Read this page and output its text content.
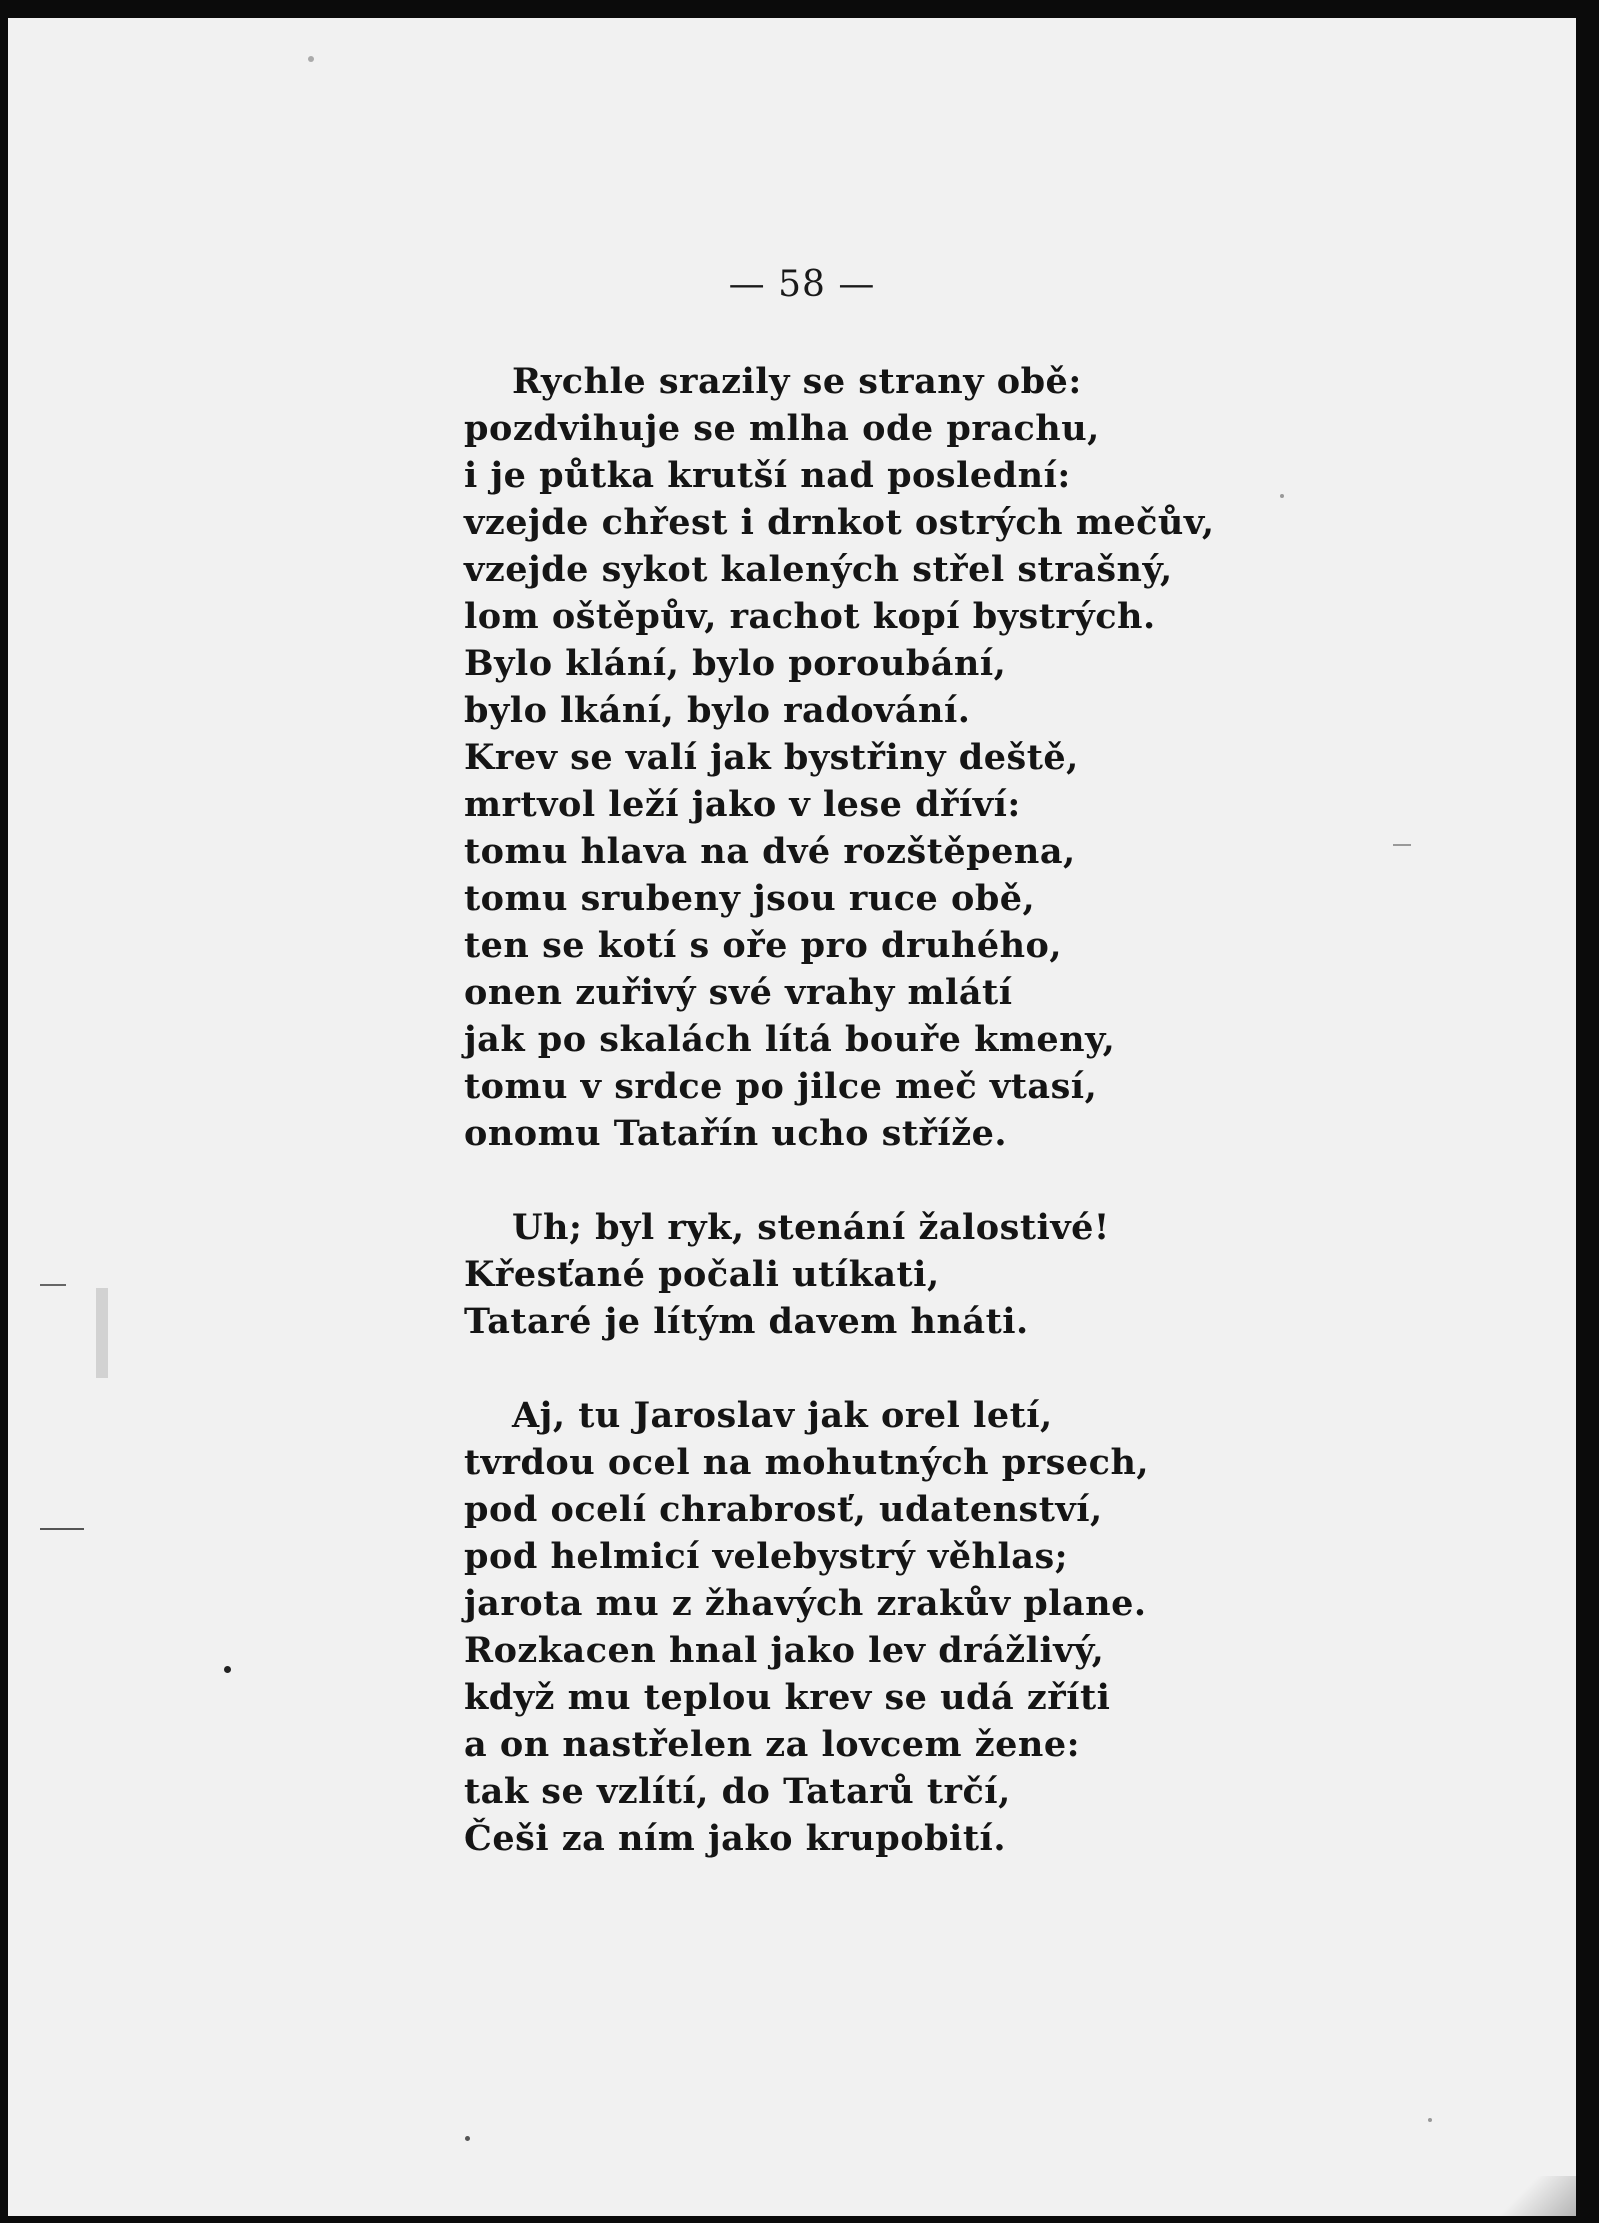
— 58 —
Rychle srazily se strany obě:
pozdvihuje se mlha ode prachu,
i je půtka krutší nad poslední:
vzejde chřest i drnkot ostrých mečův,
vzejde sykot kalených střel strašný,
lom oštěpův, rachot kopí bystrých.
Bylo klání, bylo poroubání,
bylo lkání, bylo radování.
Krev se valí jak bystřiny deště,
mrtvol leží jako v lese dříví:
tomu hlava na dvé rozštěpena,
tomu srubeny jsou ruce obě,
ten se kotí s oře pro druhého,
onen zuřivý své vrahy mlátí
jak po skalách lítá bouře kmeny,
tomu v srdce po jilce meč vtasí,
onomu Tatařín ucho stříže.
Uh; byl ryk, stenání žalostivé!
Křesťané počali utíkati,
Tataré je lítým davem hnáti.
Aj, tu Jaroslav jak orel letí,
tvrdou ocel na mohutných prsech,
pod ocelí chrabrosť, udatenství,
pod helmicí velebystrý věhlas;
jarota mu z žhavých zrakův plane.
Rozkacen hnal jako lev drážlivý,
když mu teplou krev se udá zříti
a on nastřelen za lovcem žene:
tak se vzlítí, do Tatarů trčí,
Češi za ním jako krupobití.
